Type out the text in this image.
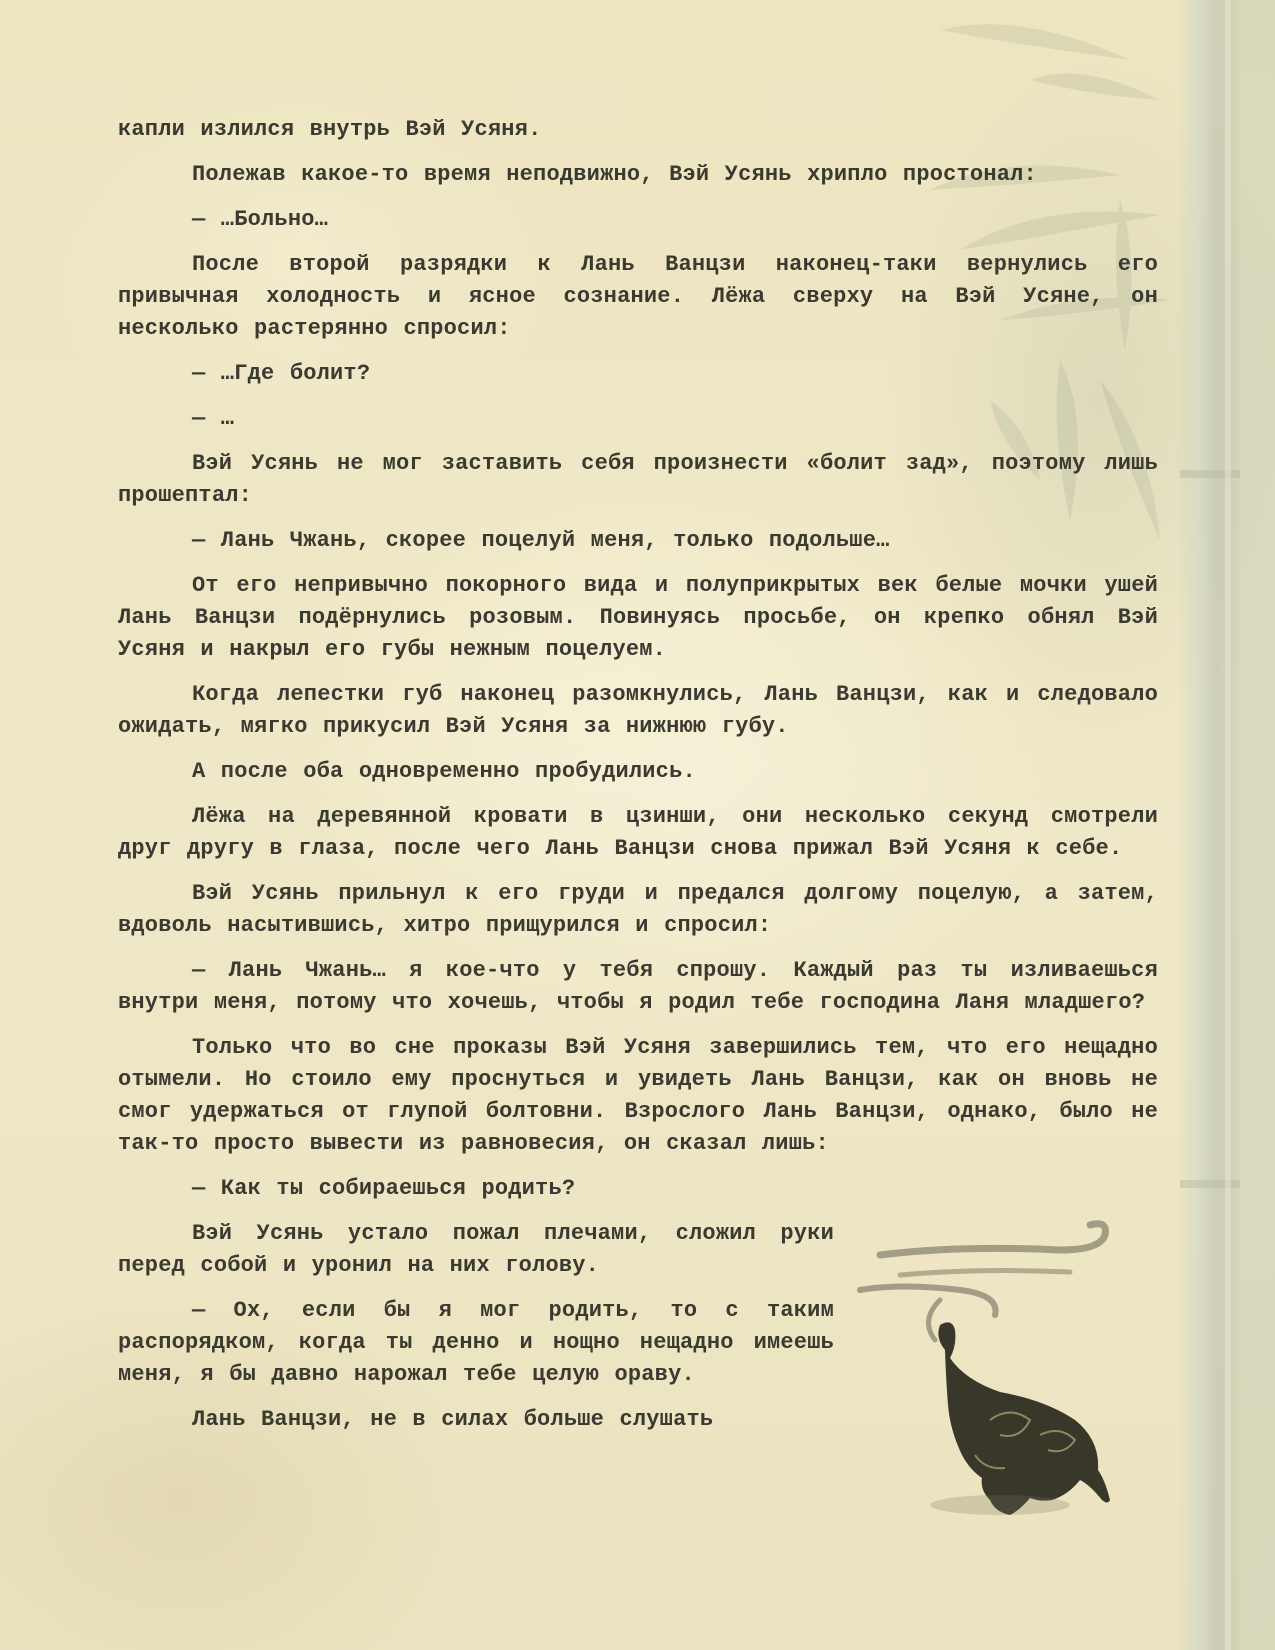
капли излился внутрь Вэй Усяня.

Полежав какое-то время неподвижно, Вэй Усянь хрипло простонал:

— …Больно…

После второй разрядки к Лань Ванцзи наконец-таки вернулись его привычная холодность и ясное сознание. Лёжа сверху на Вэй Усяне, он несколько растерянно спросил:

— …Где болит?

— …

Вэй Усянь не мог заставить себя произнести «болит зад», поэтому лишь прошептал:

— Лань Чжань, скорее поцелуй меня, только подольше…

От его непривычно покорного вида и полуприкрытых век белые мочки ушей Лань Ванцзи подёрнулись розовым. Повинуясь просьбе, он крепко обнял Вэй Усяня и накрыл его губы нежным поцелуем.

Когда лепестки губ наконец разомкнулись, Лань Ванцзи, как и следовало ожидать, мягко прикусил Вэй Усяня за нижнюю губу.

А после оба одновременно пробудились.

Лёжа на деревянной кровати в цзинши, они несколько секунд смотрели друг другу в глаза, после чего Лань Ванцзи снова прижал Вэй Усяня к себе.

Вэй Усянь прильнул к его груди и предался долгому поцелую, а затем, вдоволь насытившись, хитро прищурился и спросил:

— Лань Чжань… я кое-что у тебя спрошу. Каждый раз ты изливаешься внутри меня, потому что хочешь, чтобы я родил тебе господина Ланя младшего?

Только что во сне проказы Вэй Усяня завершились тем, что его нещадно отымели. Но стоило ему проснуться и увидеть Лань Ванцзи, как он вновь не смог удержаться от глупой болтовни. Взрослого Лань Ванцзи, однако, было не так-то просто вывести из равновесия, он сказал лишь:

— Как ты собираешься родить?

Вэй Усянь устало пожал плечами, сложил руки перед собой и уронил на них голову.

— Ох, если бы я мог родить, то с таким распорядком, когда ты денно и нощно нещадно имеешь меня, я бы давно нарожал тебе целую ораву.

Лань Ванцзи, не в силах больше слушать
